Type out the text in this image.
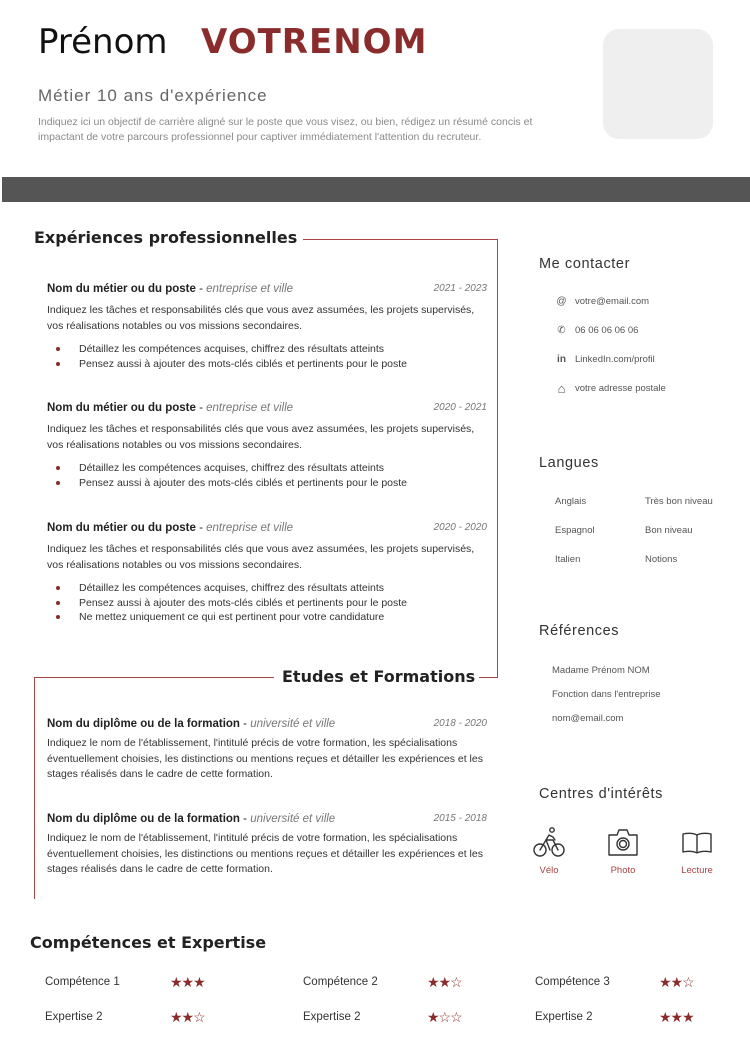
Prénom VOTRENOM
Métier 10 ans d'expérience
Indiquez ici un objectif de carrière aligné sur le poste que vous visez, ou bien, rédigez un résumé concis et impactant de votre parcours professionnel pour captiver immédiatement l'attention du recruteur.
Expériences professionnelles
Nom du métier ou du poste - entreprise et ville	2021 - 2023
Indiquez les tâches et responsabilités clés que vous avez assumées, les projets supervisés, vos réalisations notables ou vos missions secondaires.
Détaillez les compétences acquises, chiffrez des résultats atteints
Pensez aussi à ajouter des mots-clés ciblés et pertinents pour le poste
Nom du métier ou du poste - entreprise et ville	2020 - 2021
Indiquez les tâches et responsabilités clés que vous avez assumées, les projets supervisés, vos réalisations notables ou vos missions secondaires.
Détaillez les compétences acquises, chiffrez des résultats atteints
Pensez aussi à ajouter des mots-clés ciblés et pertinents pour le poste
Nom du métier ou du poste - entreprise et ville	2020 - 2020
Indiquez les tâches et responsabilités clés que vous avez assumées, les projets supervisés, vos réalisations notables ou vos missions secondaires.
Détaillez les compétences acquises, chiffrez des résultats atteints
Pensez aussi à ajouter des mots-clés ciblés et pertinents pour le poste
Ne mettez uniquement ce qui est pertinent pour votre candidature
Etudes et Formations
Nom du diplôme ou de la formation - université et ville	2018 - 2020
Indiquez le nom de l'établissement, l'intitulé précis de votre formation, les spécialisations éventuellement choisies, les distinctions ou mentions reçues et détailler les expériences et les stages réalisés dans le cadre de cette formation.
Nom du diplôme ou de la formation - université et ville	2015 - 2018
Indiquez le nom de l'établissement, l'intitulé précis de votre formation, les spécialisations éventuellement choisies, les distinctions ou mentions reçues et détailler les expériences et les stages réalisés dans le cadre de cette formation.
Me contacter
@ votre@email.com
✆ 06 06 06 06 06
in LinkedIn.com/profil
⌂	votre adresse postale
Langues
Anglais	Très bon niveau
Espagnol	Bon niveau
Italien	Notions
Références
Madame Prénom NOM
Fonction dans l'entreprise
nom@email.com
Centres d'intérêts
Vélo	Photo	Lecture
Compétences et Expertise
Compétence 1	★★★	Compétence 2	★★☆	Compétence 3	★★☆
Expertise 2	★★☆	Expertise 2	★☆☆	Expertise 2	★★★
